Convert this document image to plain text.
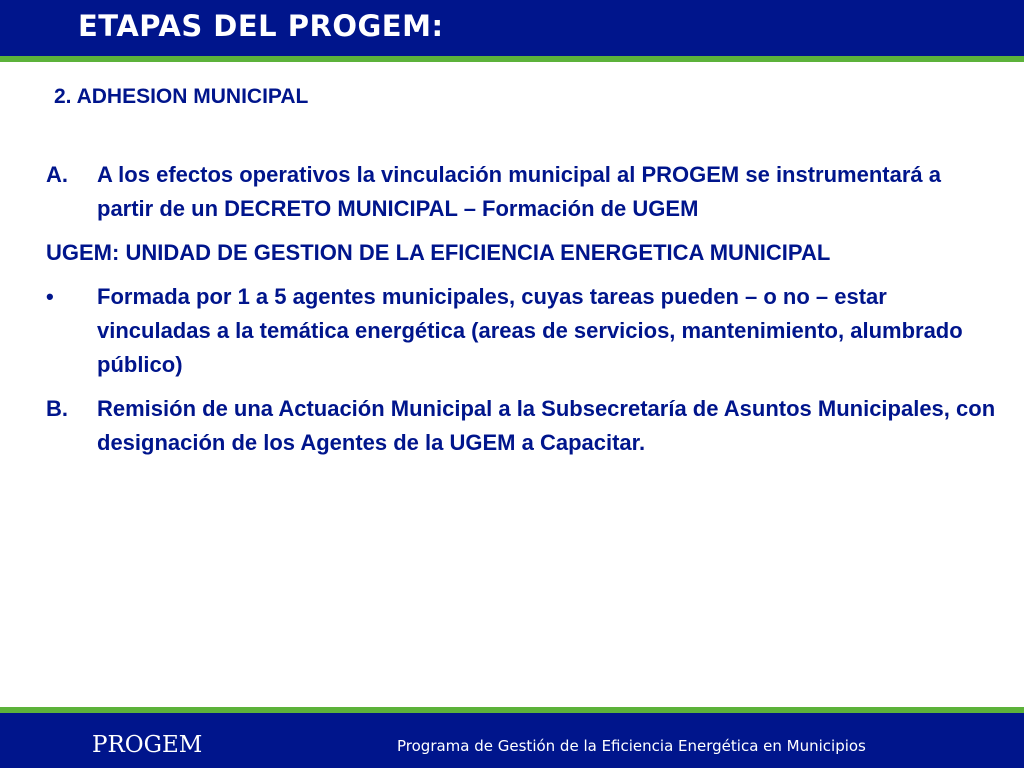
ETAPAS DEL PROGEM:
2. ADHESION MUNICIPAL
A.	A los efectos operativos la vinculación municipal al PROGEM se instrumentará a partir de un DECRETO MUNICIPAL – Formación de UGEM
UGEM: UNIDAD DE GESTION DE LA EFICIENCIA ENERGETICA MUNICIPAL
•	Formada por 1 a 5 agentes municipales, cuyas tareas pueden – o no – estar vinculadas a la temática energética (areas de servicios, mantenimiento, alumbrado público)
B.	Remisión de una Actuación Municipal a la Subsecretaría de Asuntos Municipales, con designación de los Agentes de la UGEM a Capacitar.
PROGEM	Programa de Gestión de la Eficiencia Energética en Municipios
